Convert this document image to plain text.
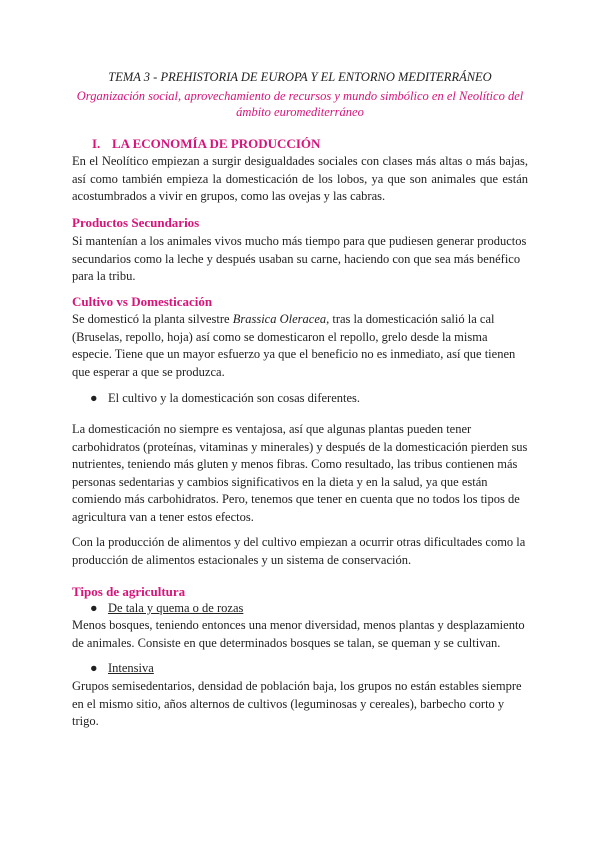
TEMA 3 - PREHISTORIA DE EUROPA Y EL ENTORNO MEDITERRÁNEO
Organización social, aprovechamiento de recursos y mundo simbólico en el Neolítico del ámbito euromediterráneo
I. LA ECONOMÍA DE PRODUCCIÓN
En el Neolítico empiezan a surgir desigualdades sociales con clases más altas o más bajas, así como también empieza la domesticación de los lobos, ya que son animales que están acostumbrados a vivir en grupos, como las ovejas y las cabras.
Productos Secundarios
Si mantenían a los animales vivos mucho más tiempo para que pudiesen generar productos secundarios como la leche y después usaban su carne, haciendo con que sea más benéfico para la tribu.
Cultivo vs Domesticación
Se domesticó la planta silvestre Brassica Oleracea, tras la domesticación salió la cal (Bruselas, repollo, hoja) así como se domesticaron el repollo, grelo desde la misma especie. Tiene que un mayor esfuerzo ya que el beneficio no es inmediato, así que tienen que esperar a que se produzca.
● El cultivo y la domesticación son cosas diferentes.
La domesticación no siempre es ventajosa, así que algunas plantas pueden tener carbohidratos (proteínas, vitaminas y minerales) y después de la domesticación pierden sus nutrientes, teniendo más gluten y menos fibras. Como resultado, las tribus contienen más personas sedentarias y cambios significativos en la dieta y en la salud, ya que están comiendo más carbohidratos. Pero, tenemos que tener en cuenta que no todos los tipos de agricultura van a tener estos efectos.
Con la producción de alimentos y del cultivo empiezan a ocurrir otras dificultades como la producción de alimentos estacionales y un sistema de conservación.
Tipos de agricultura
● De tala y quema o de rozas
Menos bosques, teniendo entonces una menor diversidad, menos plantas y desplazamiento de animales. Consiste en que determinados bosques se talan, se queman y se cultivan.
● Intensiva
Grupos semisedentarios, densidad de población baja, los grupos no están estables siempre en el mismo sitio, años alternos de cultivos (leguminosas y cereales), barbecho corto y trigo.
